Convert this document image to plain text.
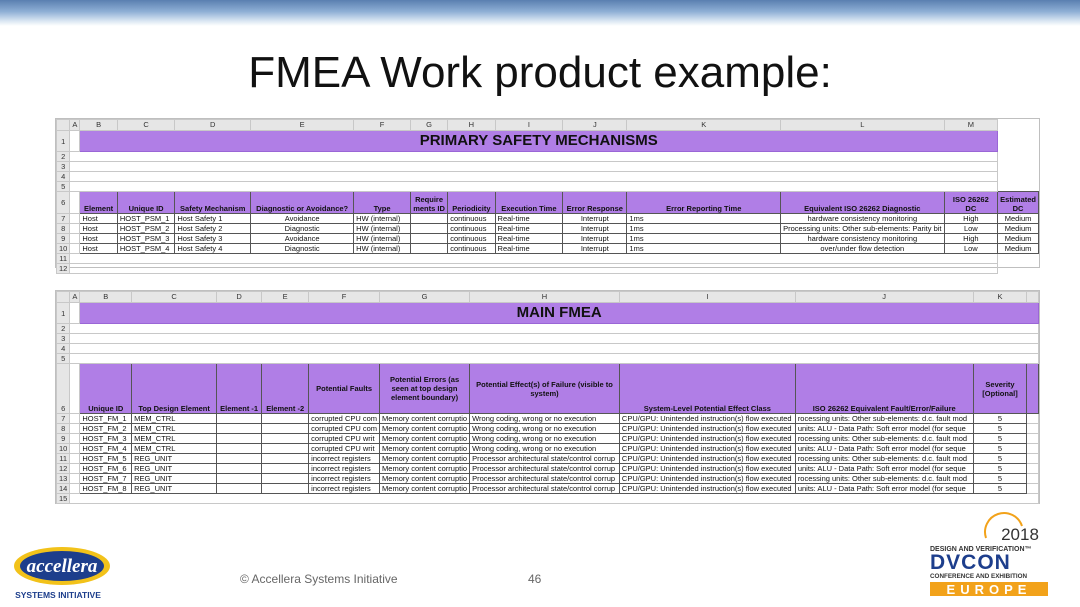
FMEA Work product example:
	A	B	C	D	E	F	G	H	I	J	K	L	M	
1		PRIMARY SAFETY MECHANISMS												
2														
3														
4														
5														
6		Element	Unique ID	Safety Mechanism	Diagnostic or Avoidance?	Type	Require ments ID	Periodicity	Execution Time	Error Response	Error Reporting Time	Equivalent ISO 26262 Diagnostic	ISO 26262 DC	Estimated DC
7		Host	HOST_PSM_1	Host Safety 1	Avoidance	HW (internal)		continuous	Real-time	Interrupt	1ms	hardware consistency monitoring	High	Medium
8		Host	HOST_PSM_2	Host Safety 2	Diagnostic	HW (internal)		continuous	Real-time	Interrupt	1ms	Processing units: Other sub-elements: Parity bit	Low	Medium
9		Host	HOST_PSM_3	Host Safety 3	Avoidance	HW (internal)		continuous	Real-time	Interrupt	1ms	hardware consistency monitoring	High	Medium
10		Host	HOST_PSM_4	Host Safety 4	Diagnostic	HW (internal)		continuous	Real-time	Interrupt	1ms	over/under flow detection	Low	Medium
11														
12														
	A	B	C	D	E	F	G	H	I	J	K	
1		MAIN FMEA										
2												
3												
4												
5												
6		Unique ID	Top Design Element	Element -1	Element -2	Potential Faults	Potential Errors (as seen at top design element boundary)	Potential Effect(s) of Failure (visible to system)	System-Level Potential Effect Class	ISO 26262 Equivalent Fault/Error/Failure	Severity [Optional]	
7		HOST_FM_1	MEM_CTRL			corrupted CPU com	Memory content corruptio	Wrong coding, wrong or no execution	CPU/GPU: Unintended instruction(s) flow executed	rocessing units: Other sub-elements: d.c. fault mod	5	
8		HOST_FM_2	MEM_CTRL			corrupted CPU com	Memory content corruptio	Wrong coding, wrong or no execution	CPU/GPU: Unintended instruction(s) flow executed	units: ALU - Data Path: Soft error model (for seque	5	
9		HOST_FM_3	MEM_CTRL			corrupted CPU writ	Memory content corruptio	Wrong coding, wrong or no execution	CPU/GPU: Unintended instruction(s) flow executed	rocessing units: Other sub-elements: d.c. fault mod	5	
10		HOST_FM_4	MEM_CTRL			corrupted CPU writ	Memory content corruptio	Wrong coding, wrong or no execution	CPU/GPU: Unintended instruction(s) flow executed	units: ALU - Data Path: Soft error model (for seque	5	
11		HOST_FM_5	REG_UNIT			incorrect registers	Memory content corruptio	Processor architectural state/control corrup	CPU/GPU: Unintended instruction(s) flow executed	rocessing units: Other sub-elements: d.c. fault mod	5	
12		HOST_FM_6	REG_UNIT			incorrect registers	Memory content corruptio	Processor architectural state/control corrup	CPU/GPU: Unintended instruction(s) flow executed	units: ALU - Data Path: Soft error model (for seque	5	
13		HOST_FM_7	REG_UNIT			incorrect registers	Memory content corruptio	Processor architectural state/control corrup	CPU/GPU: Unintended instruction(s) flow executed	rocessing units: Other sub-elements: d.c. fault mod	5	
14		HOST_FM_8	REG_UNIT			incorrect registers	Memory content corruptio	Processor architectural state/control corrup	CPU/GPU: Unintended instruction(s) flow executed	units: ALU - Data Path: Soft error model (for seque	5	
15												
accellera
SYSTEMS INITIATIVE
© Accellera Systems Initiative	46
2018
DESIGN AND VERIFICATION™
DVCON
CONFERENCE AND EXHIBITION
EUROPE
